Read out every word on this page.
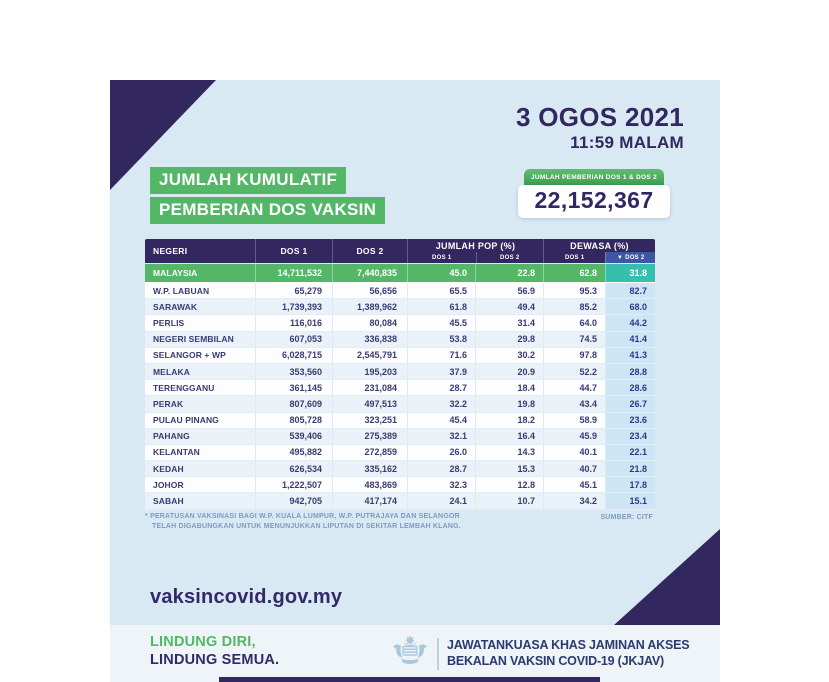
3 OGOS 2021
11:59 MALAM
JUMLAH KUMULATIF
PEMBERIAN DOS VAKSIN
JUMLAH PEMBERIAN DOS 1 & DOS 2
22,152,367
NEGERI	DOS 1	DOS 2
JUMLAH POP (%)
DOS 1	DOS 2
DEWASA (%)
DOS 1	▼ DOS 2
MALAYSIA	14,711,532	7,440,835	45.0	22.8	62.8	31.8
W.P. LABUAN	65,279	56,656	65.5	56.9	95.3	82.7
SARAWAK	1,739,393	1,389,962	61.8	49.4	85.2	68.0
PERLIS	116,016	80,084	45.5	31.4	64.0	44.2
NEGERI SEMBILAN	607,053	336,838	53.8	29.8	74.5	41.4
SELANGOR + WP	6,028,715	2,545,791	71.6	30.2	97.8	41.3
MELAKA	353,560	195,203	37.9	20.9	52.2	28.8
TERENGGANU	361,145	231,084	28.7	18.4	44.7	28.6
PERAK	807,609	497,513	32.2	19.8	43.4	26.7
PULAU PINANG	805,728	323,251	45.4	18.2	58.9	23.6
PAHANG	539,406	275,389	32.1	16.4	45.9	23.4
KELANTAN	495,882	272,859	26.0	14.3	40.1	22.1
KEDAH	626,534	335,162	28.7	15.3	40.7	21.8
JOHOR	1,222,507	483,869	32.3	12.8	45.1	17.8
SABAH	942,705	417,174	24.1	10.7	34.2	15.1
* PERATUSAN VAKSINASI BAGI W.P. KUALA LUMPUR, W.P. PUTRAJAYA DAN SELANGOR
TELAH DIGABUNGKAN UNTUK MENUNJUKKAN LIPUTAN DI SEKITAR LEMBAH KLANG.
SUMBER: CITF
vaksincovid.gov.my
LINDUNG DIRI,
LINDUNG SEMUA.
JAWATANKUASA KHAS JAMINAN AKSES
BEKALAN VAKSIN COVID-19 (JKJAV)
